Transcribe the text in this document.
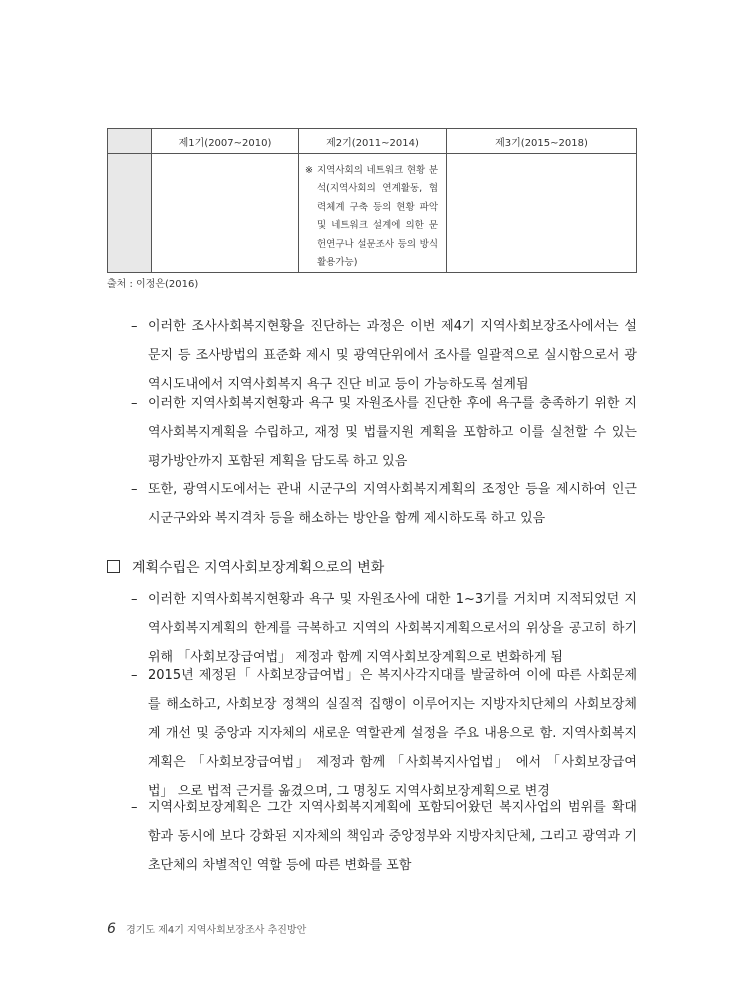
	제1기(2007~2010)	제2기(2011~2014)	제3기(2015~2018)

		※ 지역사회의 네트워크 현황 분석(지역사회의 연계활동, 협력체계 구축 등의 현황 파악 및 네트워크 설계에 의한 문헌연구나 설문조사 등의 방식 활용가능)	

출처 : 이정은(2016)
– 이러한 조사사회복지현황을 진단하는 과정은 이번 제4기 지역사회보장조사에서는 설문지 등 조사방법의 표준화 제시 및 광역단위에서 조사를 일괄적으로 실시함으로서 광역시도내에서 지역사회복지 욕구 진단 비교 등이 가능하도록 설계됨
– 이러한 지역사회복지현황과 욕구 및 자원조사를 진단한 후에 욕구를 충족하기 위한 지역사회복지계획을 수립하고, 재정 및 법률지원 계획을 포함하고 이를 실천할 수 있는 평가방안까지 포함된 계획을 담도록 하고 있음
– 또한, 광역시도에서는 관내 시군구의 지역사회복지계획의 조정안 등을 제시하여 인근 시군구와와 복지격차 등을 해소하는 방안을 함께 제시하도록 하고 있음
계획수립은 지역사회보장계획으로의 변화
– 이러한 지역사회복지현황과 욕구 및 자원조사에 대한 1~3기를 거치며 지적되었던 지역사회복지계획의 한계를 극복하고 지역의 사회복지계획으로서의 위상을 공고히 하기 위해 「사회보장급여법」 제정과 함께 지역사회보장계획으로 변화하게 됨
– 2015년 제정된「 사회보장급여법」은 복지사각지대를 발굴하여 이에 따른 사회문제를 해소하고, 사회보장 정책의 실질적 집행이 이루어지는 지방자치단체의 사회보장체계 개선 및 중앙과 지자체의 새로운 역할관계 설정을 주요 내용으로 함. 지역사회복지계획은 「사회보장급여법」 제정과 함께 「사회복지사업법」 에서 「사회보장급여법」 으로 법적 근거를 옮겼으며, 그 명칭도 지역사회보장계획으로 변경
– 지역사회보장계획은 그간 지역사회복지계획에 포함되어왔던 복지사업의 범위를 확대함과 동시에 보다 강화된 지자체의 책임과 중앙정부와 지방자치단체, 그리고 광역과 기초단체의 차별적인 역할 등에 따른 변화를 포함
6 경기도 제4기 지역사회보장조사 추진방안
